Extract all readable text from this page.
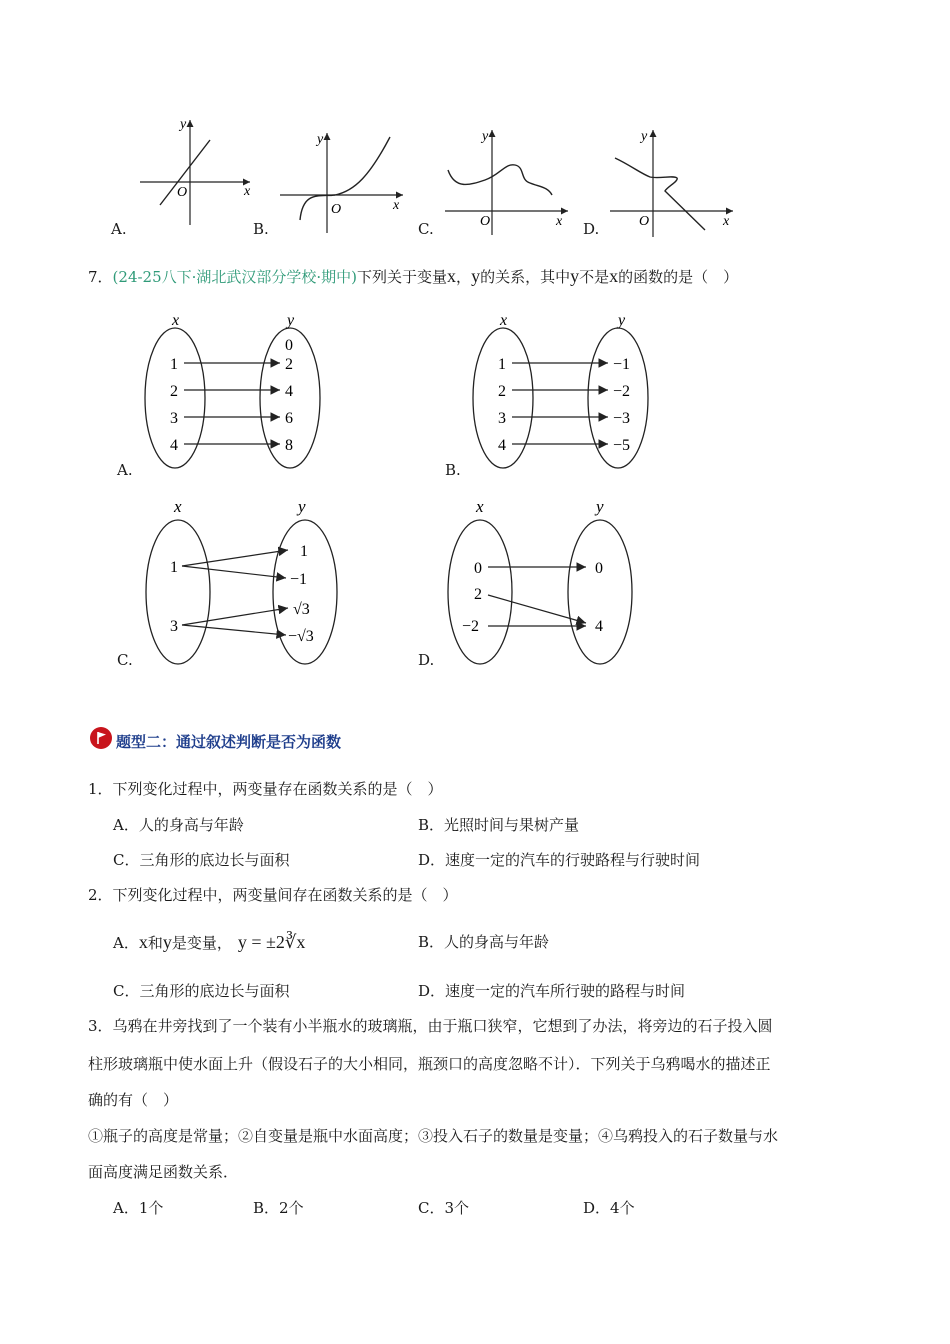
y
x
O
A.
y
x
O
B.
y
x
O
C.
y
x
O
D.
7．(24-25八下·湖北武汉部分学校·期中)下列关于变量x，y的关系，其中y不是x的函数的是（　）
x	y
1
2
3
4
0
2
4
6
8
A.
x	y
1
2
3
4
−1
−2
−3
−5
B.
x	y
1
3
1
−1
√3
−√3
C.
x	y
0
2
−2
0
4
D.
题型二：通过叙述判断是否为函数
1．下列变化过程中，两变量存在函数关系的是（　）
A．人的身高与年龄	B．光照时间与果树产量
C．三角形的底边长与面积	D．速度一定的汽车的行驶路程与行驶时间
2．下列变化过程中，两变量间存在函数关系的是（　）
A．x和y是变量， y = ±2∛x	B．人的身高与年龄
C．三角形的底边长与面积	D．速度一定的汽车所行驶的路程与时间
3．乌鸦在井旁找到了一个装有小半瓶水的玻璃瓶，由于瓶口狭窄，它想到了办法，将旁边的石子投入圆
柱形玻璃瓶中使水面上升（假设石子的大小相同，瓶颈口的高度忽略不计）．下列关于乌鸦喝水的描述正
确的有（　）
①瓶子的高度是常量；②自变量是瓶中水面高度；③投入石子的数量是变量；④乌鸦投入的石子数量与水
面高度满足函数关系．
A．1个	B．2个	C．3个	D．4个
